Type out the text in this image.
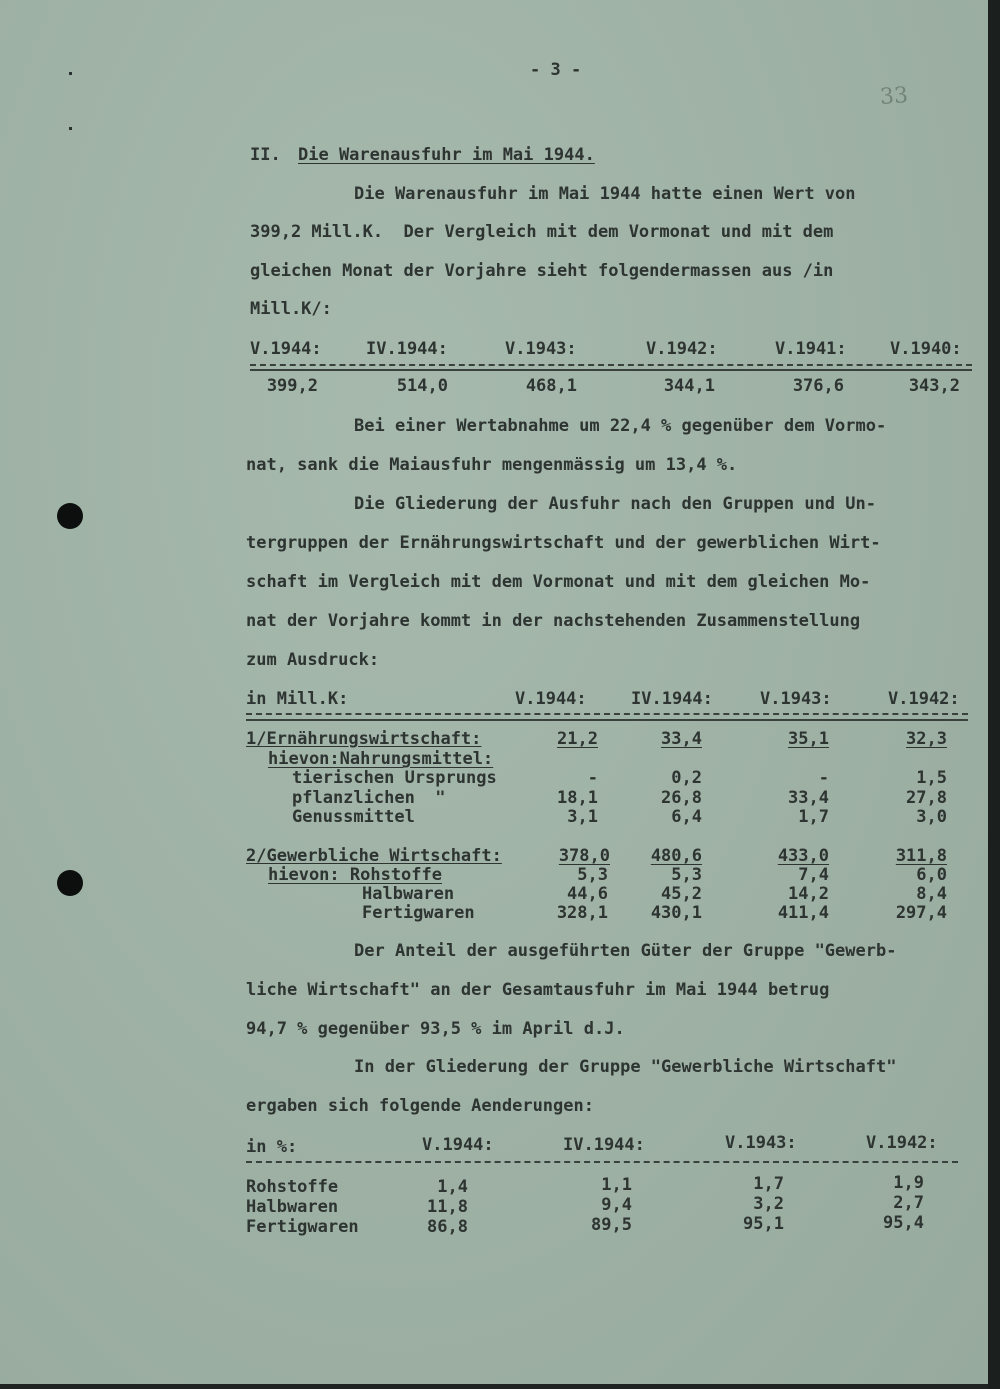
33
- 3 -
II. Die Warenausfuhr im Mai 1944.
Die Warenausfuhr im Mai 1944 hatte einen Wert von
399,2 Mill.K.  Der Vergleich mit dem Vormonat und mit dem
gleichen Monat der Vorjahre sieht folgendermassen aus /in
Mill.K/:
V.1944:	IV.1944:	V.1943:	V.1942:	V.1941:	V.1940:
399,2	514,0	468,1	344,1	376,6	343,2
Bei einer Wertabnahme um 22,4 % gegenüber dem Vormo-
nat, sank die Maiausfuhr mengenmässig um 13,4 %.
Die Gliederung der Ausfuhr nach den Gruppen und Un-
tergruppen der Ernährungswirtschaft und der gewerblichen Wirt-
schaft im Vergleich mit dem Vormonat und mit dem gleichen Mo-
nat der Vorjahre kommt in der nachstehenden Zusammenstellung
zum Ausdruck:
in Mill.K:	V.1944:	IV.1944:	V.1943:	V.1942:
1/Ernährungswirtschaft:	21,2	33,4	35,1	32,3
hievon:Nahrungsmittel:
tierischen Ursprungs	-	0,2	-	1,5
pflanzlichen  "	18,1	26,8	33,4	27,8
Genussmittel	3,1	6,4	1,7	3,0
2/Gewerbliche Wirtschaft:	378,0	480,6	433,0	311,8
hievon: Rohstoffe	5,3	5,3	7,4	6,0
Halbwaren	44,6	45,2	14,2	8,4
Fertigwaren	328,1	430,1	411,4	297,4
Der Anteil der ausgeführten Güter der Gruppe "Gewerb-
liche Wirtschaft" an der Gesamtausfuhr im Mai 1944 betrug
94,7 % gegenüber 93,5 % im April d.J.
In der Gliederung der Gruppe "Gewerbliche Wirtschaft"
ergaben sich folgende Aenderungen:
in %:	V.1944:	IV.1944:	V.1943:	V.1942:
Rohstoffe	1,4	1,1	1,7	1,9
Halbwaren	11,8	9,4	3,2	2,7
Fertigwaren	86,8	89,5	95,1	95,4
